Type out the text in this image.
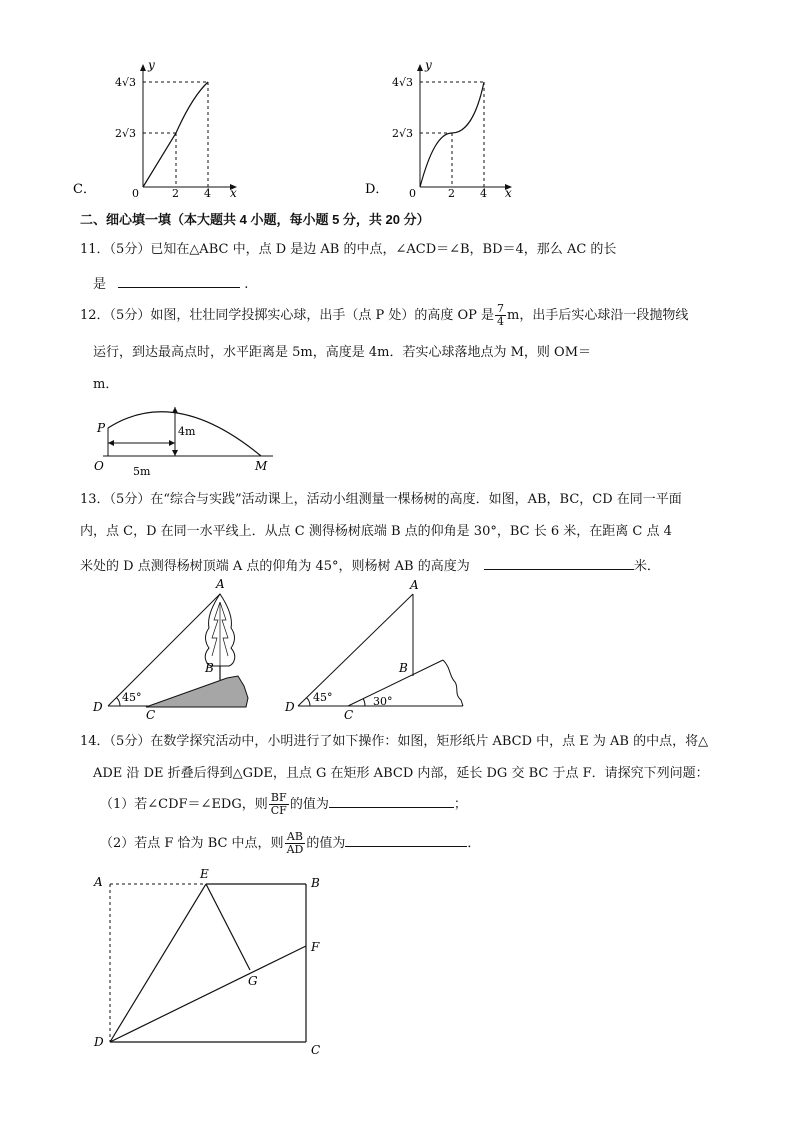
C．
y
x
0	2 4
4√3
2√3
D．
y
x
0	2 4
4√3
2√3
二、细心填一填（本大题共 4 小题，每小题 5 分，共 20 分）
11．（5分）已知在△ABC 中，点 D 是边 AB 的中点，∠ACD＝∠B，BD＝4，那么 AC 的长
是	.
12．（5分）如图，壮壮同学投掷实心球，出手（点 P 处）的高度 OP 是 $\frac{7}{4}$ m，出手后实心球沿一段抛物线
运行，到达最高点时，水平距离是 5m，高度是 4m．若实心球落地点为 M，则 OM＝
m．
P
O	M
4m
5m
13．（5分）在“综合与实践”活动课上，活动小组测量一棵杨树的高度．如图，AB，BC，CD 在同一平面
内，点 C，D 在同一水平线上．从点 C 测得杨树底端 B 点的仰角是 30°，BC 长 6 米，在距离 C 点 4
米处的 D 点测得杨树顶端 A 点的仰角为 45°，则杨树 AB 的高度为	米．
A
B
C
D
45°
A
B
C
D
45°	30°
14．（5分）在数学探究活动中，小明进行了如下操作：如图，矩形纸片 ABCD 中，点 E 为 AB 的中点，将△
ADE 沿 DE 折叠后得到△GDE，且点 G 在矩形 ABCD 内部，延长 DG 交 BC 于点 F．请探究下列问题：
（1）若∠CDF＝∠EDG，则 $\frac{BF}{CF}$ 的值为	；
（2）若点 F 恰为 BC 中点，则 $\frac{AB}{AD}$ 的值为	．
A
E
B
F
G
D
C
